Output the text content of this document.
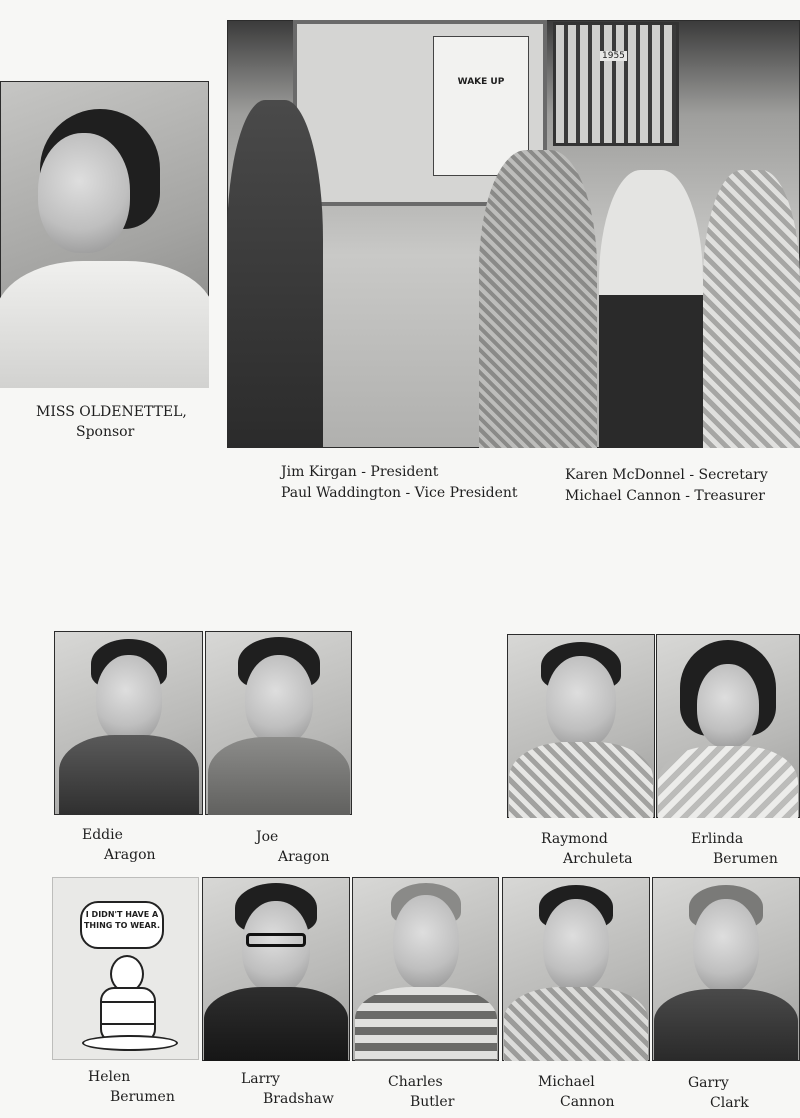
MISS OLDENETTEL,
Sponsor
WAKE UP
1955
Jim Kirgan - President
Paul Waddington - Vice President
Karen McDonnel - Secretary
Michael Cannon - Treasurer
Eddie
Aragon
Joe
Aragon
Raymond
Archuleta
Erlinda
Berumen
I DIDN'T HAVE A THING TO WEAR.
Helen
Berumen
Larry
Bradshaw
Charles
Butler
Michael
Cannon
Garry
Clark
